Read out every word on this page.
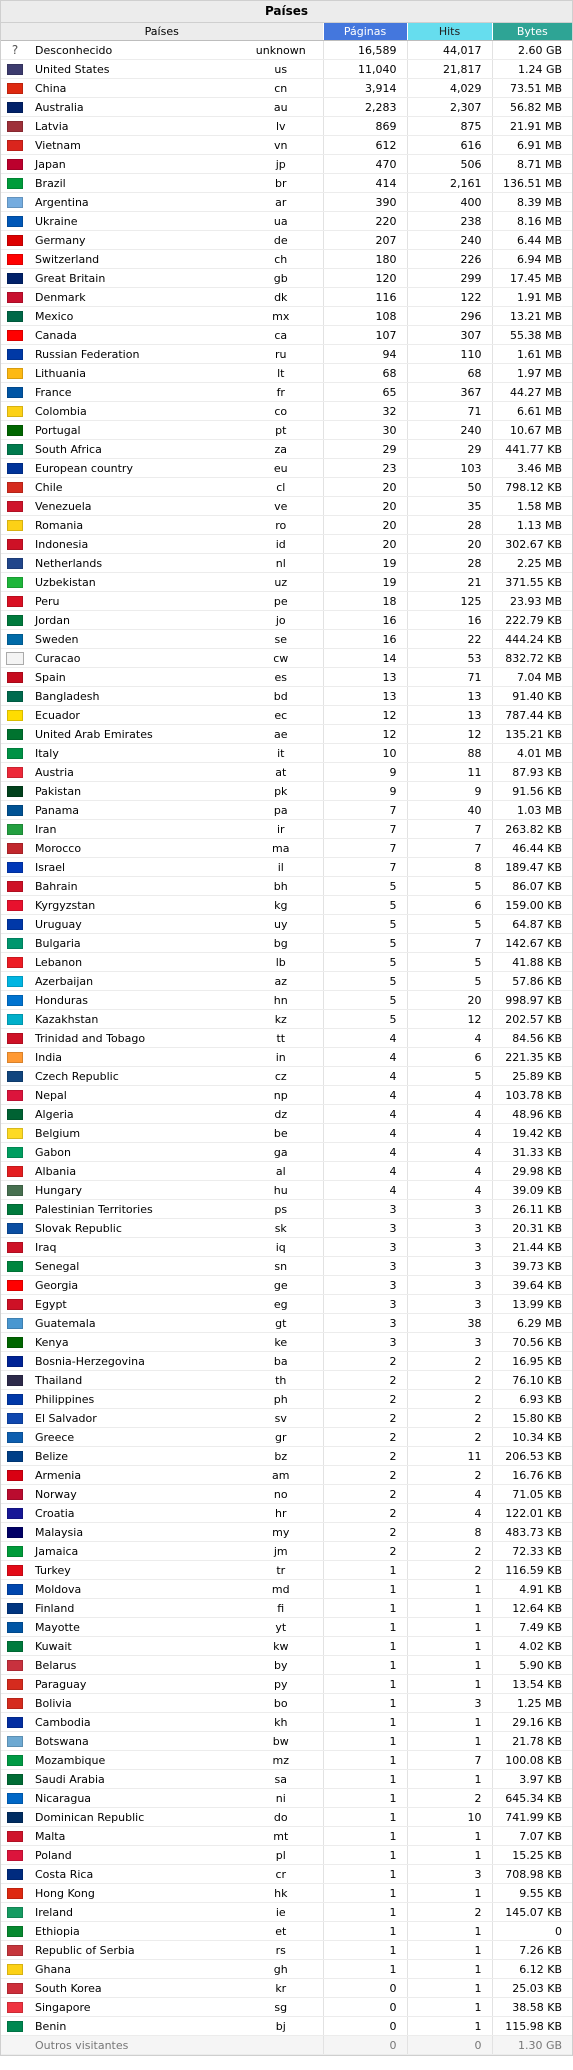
Países
Países			Páginas	Hits	Bytes
?	Desconhecido	unknown	16,589	44,017	2.60 GB
	United States	us	11,040	21,817	1.24 GB
	China	cn	3,914	4,029	73.51 MB
	Australia	au	2,283	2,307	56.82 MB
	Latvia	lv	869	875	21.91 MB
	Vietnam	vn	612	616	6.91 MB
	Japan	jp	470	506	8.71 MB
	Brazil	br	414	2,161	136.51 MB
	Argentina	ar	390	400	8.39 MB
	Ukraine	ua	220	238	8.16 MB
	Germany	de	207	240	6.44 MB
	Switzerland	ch	180	226	6.94 MB
	Great Britain	gb	120	299	17.45 MB
	Denmark	dk	116	122	1.91 MB
	Mexico	mx	108	296	13.21 MB
	Canada	ca	107	307	55.38 MB
	Russian Federation	ru	94	110	1.61 MB
	Lithuania	lt	68	68	1.97 MB
	France	fr	65	367	44.27 MB
	Colombia	co	32	71	6.61 MB
	Portugal	pt	30	240	10.67 MB
	South Africa	za	29	29	441.77 KB
	European country	eu	23	103	3.46 MB
	Chile	cl	20	50	798.12 KB
	Venezuela	ve	20	35	1.58 MB
	Romania	ro	20	28	1.13 MB
	Indonesia	id	20	20	302.67 KB
	Netherlands	nl	19	28	2.25 MB
	Uzbekistan	uz	19	21	371.55 KB
	Peru	pe	18	125	23.93 MB
	Jordan	jo	16	16	222.79 KB
	Sweden	se	16	22	444.24 KB
	Curacao	cw	14	53	832.72 KB
	Spain	es	13	71	7.04 MB
	Bangladesh	bd	13	13	91.40 KB
	Ecuador	ec	12	13	787.44 KB
	United Arab Emirates	ae	12	12	135.21 KB
	Italy	it	10	88	4.01 MB
	Austria	at	9	11	87.93 KB
	Pakistan	pk	9	9	91.56 KB
	Panama	pa	7	40	1.03 MB
	Iran	ir	7	7	263.82 KB
	Morocco	ma	7	7	46.44 KB
	Israel	il	7	8	189.47 KB
	Bahrain	bh	5	5	86.07 KB
	Kyrgyzstan	kg	5	6	159.00 KB
	Uruguay	uy	5	5	64.87 KB
	Bulgaria	bg	5	7	142.67 KB
	Lebanon	lb	5	5	41.88 KB
	Azerbaijan	az	5	5	57.86 KB
	Honduras	hn	5	20	998.97 KB
	Kazakhstan	kz	5	12	202.57 KB
	Trinidad and Tobago	tt	4	4	84.56 KB
	India	in	4	6	221.35 KB
	Czech Republic	cz	4	5	25.89 KB
	Nepal	np	4	4	103.78 KB
	Algeria	dz	4	4	48.96 KB
	Belgium	be	4	4	19.42 KB
	Gabon	ga	4	4	31.33 KB
	Albania	al	4	4	29.98 KB
	Hungary	hu	4	4	39.09 KB
	Palestinian Territories	ps	3	3	26.11 KB
	Slovak Republic	sk	3	3	20.31 KB
	Iraq	iq	3	3	21.44 KB
	Senegal	sn	3	3	39.73 KB
	Georgia	ge	3	3	39.64 KB
	Egypt	eg	3	3	13.99 KB
	Guatemala	gt	3	38	6.29 MB
	Kenya	ke	3	3	70.56 KB
	Bosnia-Herzegovina	ba	2	2	16.95 KB
	Thailand	th	2	2	76.10 KB
	Philippines	ph	2	2	6.93 KB
	El Salvador	sv	2	2	15.80 KB
	Greece	gr	2	2	10.34 KB
	Belize	bz	2	11	206.53 KB
	Armenia	am	2	2	16.76 KB
	Norway	no	2	4	71.05 KB
	Croatia	hr	2	4	122.01 KB
	Malaysia	my	2	8	483.73 KB
	Jamaica	jm	2	2	72.33 KB
	Turkey	tr	1	2	116.59 KB
	Moldova	md	1	1	4.91 KB
	Finland	fi	1	1	12.64 KB
	Mayotte	yt	1	1	7.49 KB
	Kuwait	kw	1	1	4.02 KB
	Belarus	by	1	1	5.90 KB
	Paraguay	py	1	1	13.54 KB
	Bolivia	bo	1	3	1.25 MB
	Cambodia	kh	1	1	29.16 KB
	Botswana	bw	1	1	21.78 KB
	Mozambique	mz	1	7	100.08 KB
	Saudi Arabia	sa	1	1	3.97 KB
	Nicaragua	ni	1	2	645.34 KB
	Dominican Republic	do	1	10	741.99 KB
	Malta	mt	1	1	7.07 KB
	Poland	pl	1	1	15.25 KB
	Costa Rica	cr	1	3	708.98 KB
	Hong Kong	hk	1	1	9.55 KB
	Ireland	ie	1	2	145.07 KB
	Ethiopia	et	1	1	0
	Republic of Serbia	rs	1	1	7.26 KB
	Ghana	gh	1	1	6.12 KB
	South Korea	kr	0	1	25.03 KB
	Singapore	sg	0	1	38.58 KB
	Benin	bj	0	1	115.98 KB
Outros visitantes			0	0	1.30 GB
